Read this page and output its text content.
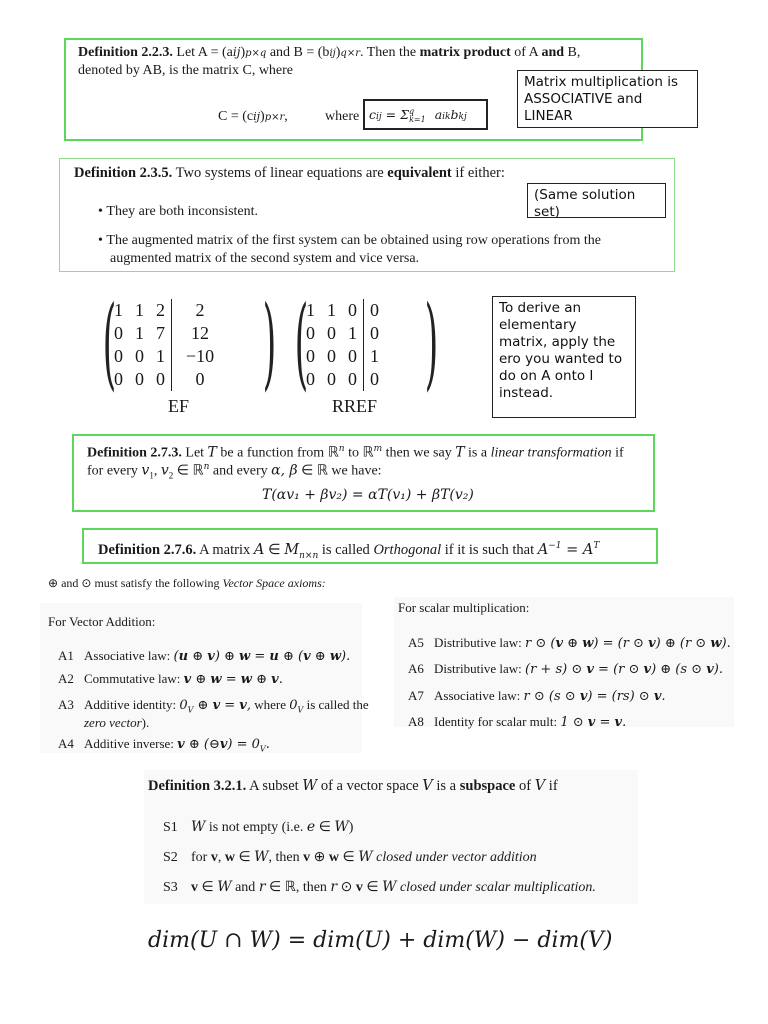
Definition 2.2.3. Let A = (aij)p×q and B = (bij)q×r. Then the matrix product of A and B,
denoted by AB, is the matrix C, where
C = (cij)p×r,	where cij = $\Sigma^q_{k=1}$ aikbkj
Matrix multiplication is ASSOCIATIVE and LINEAR
Definition 2.3.5. Two systems of linear equations are equivalent if either:
(Same solution set)
• They are both inconsistent.
• The augmented matrix of the first system can be obtained using row operations from the
augmented matrix of the second system and vice versa.
(
1	1	2	2
0	1	7	12
0	0	1	−10
0	0	0	0 )
EF
(
1	1	0	0
0	0	1	0
0	0	0	1
0	0	0	0 )
RREF
To derive an elementary matrix, apply the ero you wanted to do on A onto I instead.
Definition 2.7.3. Let T be a function from ℝ$^n$ to ℝ$^m$ then we say T is a linear transformation if
for every $v_1$, $v_2$ ∈ ℝ$^n$ and every α, β ∈ ℝ we have:
T(αv₁ + βv₂) = αT(v₁) + βT(v₂)
Definition 2.7.6. A matrix A ∈ $M_{n\times n}$ is called Orthogonal if it is such that $A^{-1} = A^T$
⊕ and ⊙ must satisfy the following Vector Space axioms:
For Vector Addition:
A1 Associative law: (u ⊕ v) ⊕ w = u ⊕ (v ⊕ w).
A2 Commutative law: v ⊕ w = w ⊕ v.
A3 Additive identity: $0_V$ ⊕ v = v, where $0_V$ is called the
zero vector).
A4 Additive inverse: v ⊕ (⊖v) = $0_V$.
For scalar multiplication:
A5 Distributive law: r ⊙ (v ⊕ w) = (r ⊙ v) ⊕ (r ⊙ w).
A6 Distributive law: (r + s) ⊙ v = (r ⊙ v) ⊕ (s ⊙ v).
A7 Associative law: r ⊙ (s ⊙ v) = (rs) ⊙ v.
A8 Identity for scalar mult: 1 ⊙ v = v.
Definition 3.2.1. A subset W of a vector space V is a subspace of V if
S1 W is not empty (i.e. e ∈ W)
S2 for v, w ∈ W, then v ⊕ w ∈ W closed under vector addition
S3 v ∈ W and r ∈ ℝ, then r ⊙ v ∈ W closed under scalar multiplication.
dim(U ∩ W) = dim(U) + dim(W) − dim(V)
